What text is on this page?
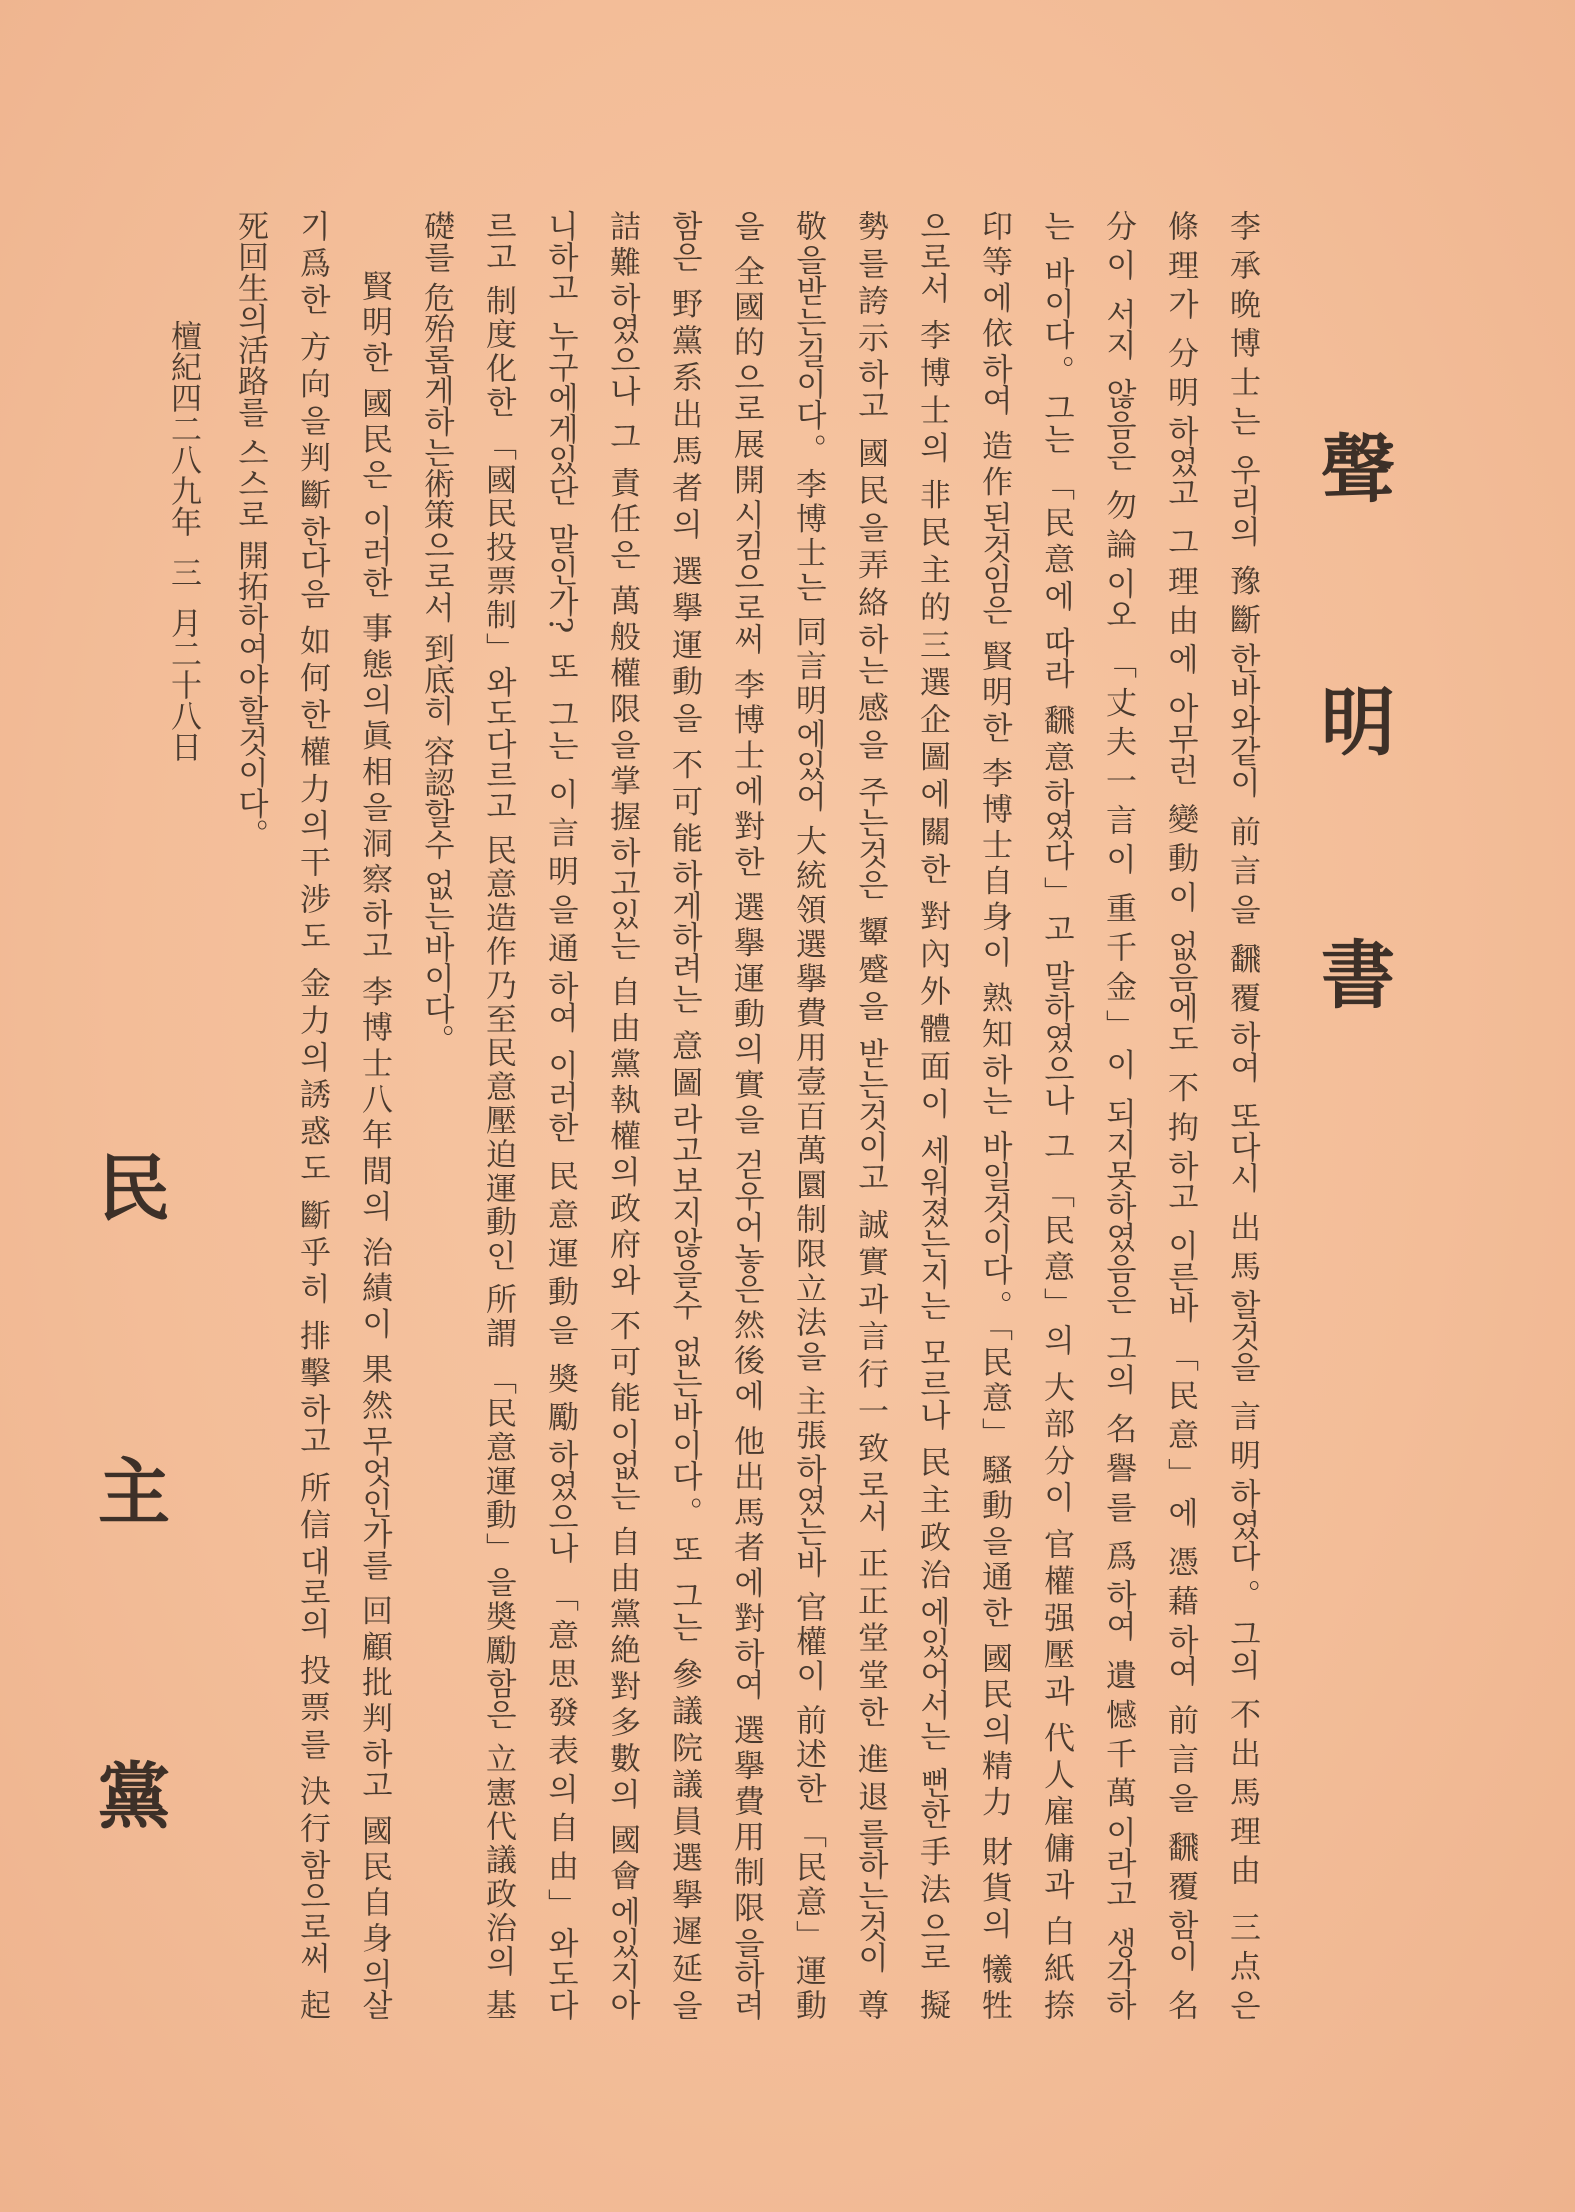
聲明書
李承晩博士는 우리의 豫斷한바와같이 前言을 飜覆하여 또다시 出馬할것을 言明하였다。그의 不出馬理由 三点은
條理가 分明하였고 그理由에 아무런 變動이 없음에도 不拘하고 이른바 「民意」에 憑藉하여 前言을 飜覆함이 名
分이 서지 않음은 勿論이오 「丈夫一言이 重千金」이 되지못하였음은 그의 名譽를 爲하여 遺憾千萬이라고 생각하
는 바이다。그는 「民意에 따라 飜意하였다」고 말하였으나 그 「民意」의 大部分이 官權强壓과 代人雇傭과 白紙捺
印等에依하여 造作된것임은 賢明한 李博士自身이 熟知하는 바일것이다。「民意」騷動을通한 國民의精力 財貨의 犧牲
으로서 李博士의 非民主的三選企圖에關한 對內外體面이 세워졌는지는 모르나 民主政治에있어서는 뻔한手法으로 擬
勢를誇示하고 國民을弄絡하는感을 주는것은 顰蹙을 받는것이고 誠實과言行一致로서 正正堂堂한 進退를하는것이 尊
敬을받는길이다。李博士는 同言明에있어 大統領選擧費用壹百萬圜制限立法을 主張하였는바 官權이 前述한 「民意」運動
을 全國的으로展開시킴으로써 李博士에對한 選擧運動의實을 걷우어놓은然後에 他出馬者에對하여 選擧費用制限을하려
함은 野黨系出馬者의 選擧運動을 不可能하게하려는 意圖라고보지않을수 없는바이다。또 그는 參議院議員選擧遲延을
詰難하였으나 그 責任은 萬般權限을掌握하고있는 自由黨執權의政府와 不可能이없는 自由黨絶對多數의 國會에있지아
니하고 누구에게있단 말인가? 또 그는 이言明을通하여 이러한 民意運動을 奬勵하였으나 「意思發表의自由」와도다
르고 制度化한 「國民投票制」와도다르고 民意造作乃至民意壓迫運動인 所謂 「民意運動」을奬勵함은 立憲代議政治의 基
礎를 危殆롭게하는術策으로서 到底히 容認할수 없는바이다。
賢明한 國民은 이러한 事態의眞相을洞察하고 李博士八年間의 治績이 果然무엇인가를 回顧批判하고 國民自身의살
기爲한 方向을判斷한다음 如何한權力의干涉도 金力의誘惑도 斷乎히 排擊하고 所信대로의 投票를 決行함으로써 起
死回生의活路를 스스로 開拓하여야할것이다。
檀紀四二八九年  三  月二十八日
民主黨
